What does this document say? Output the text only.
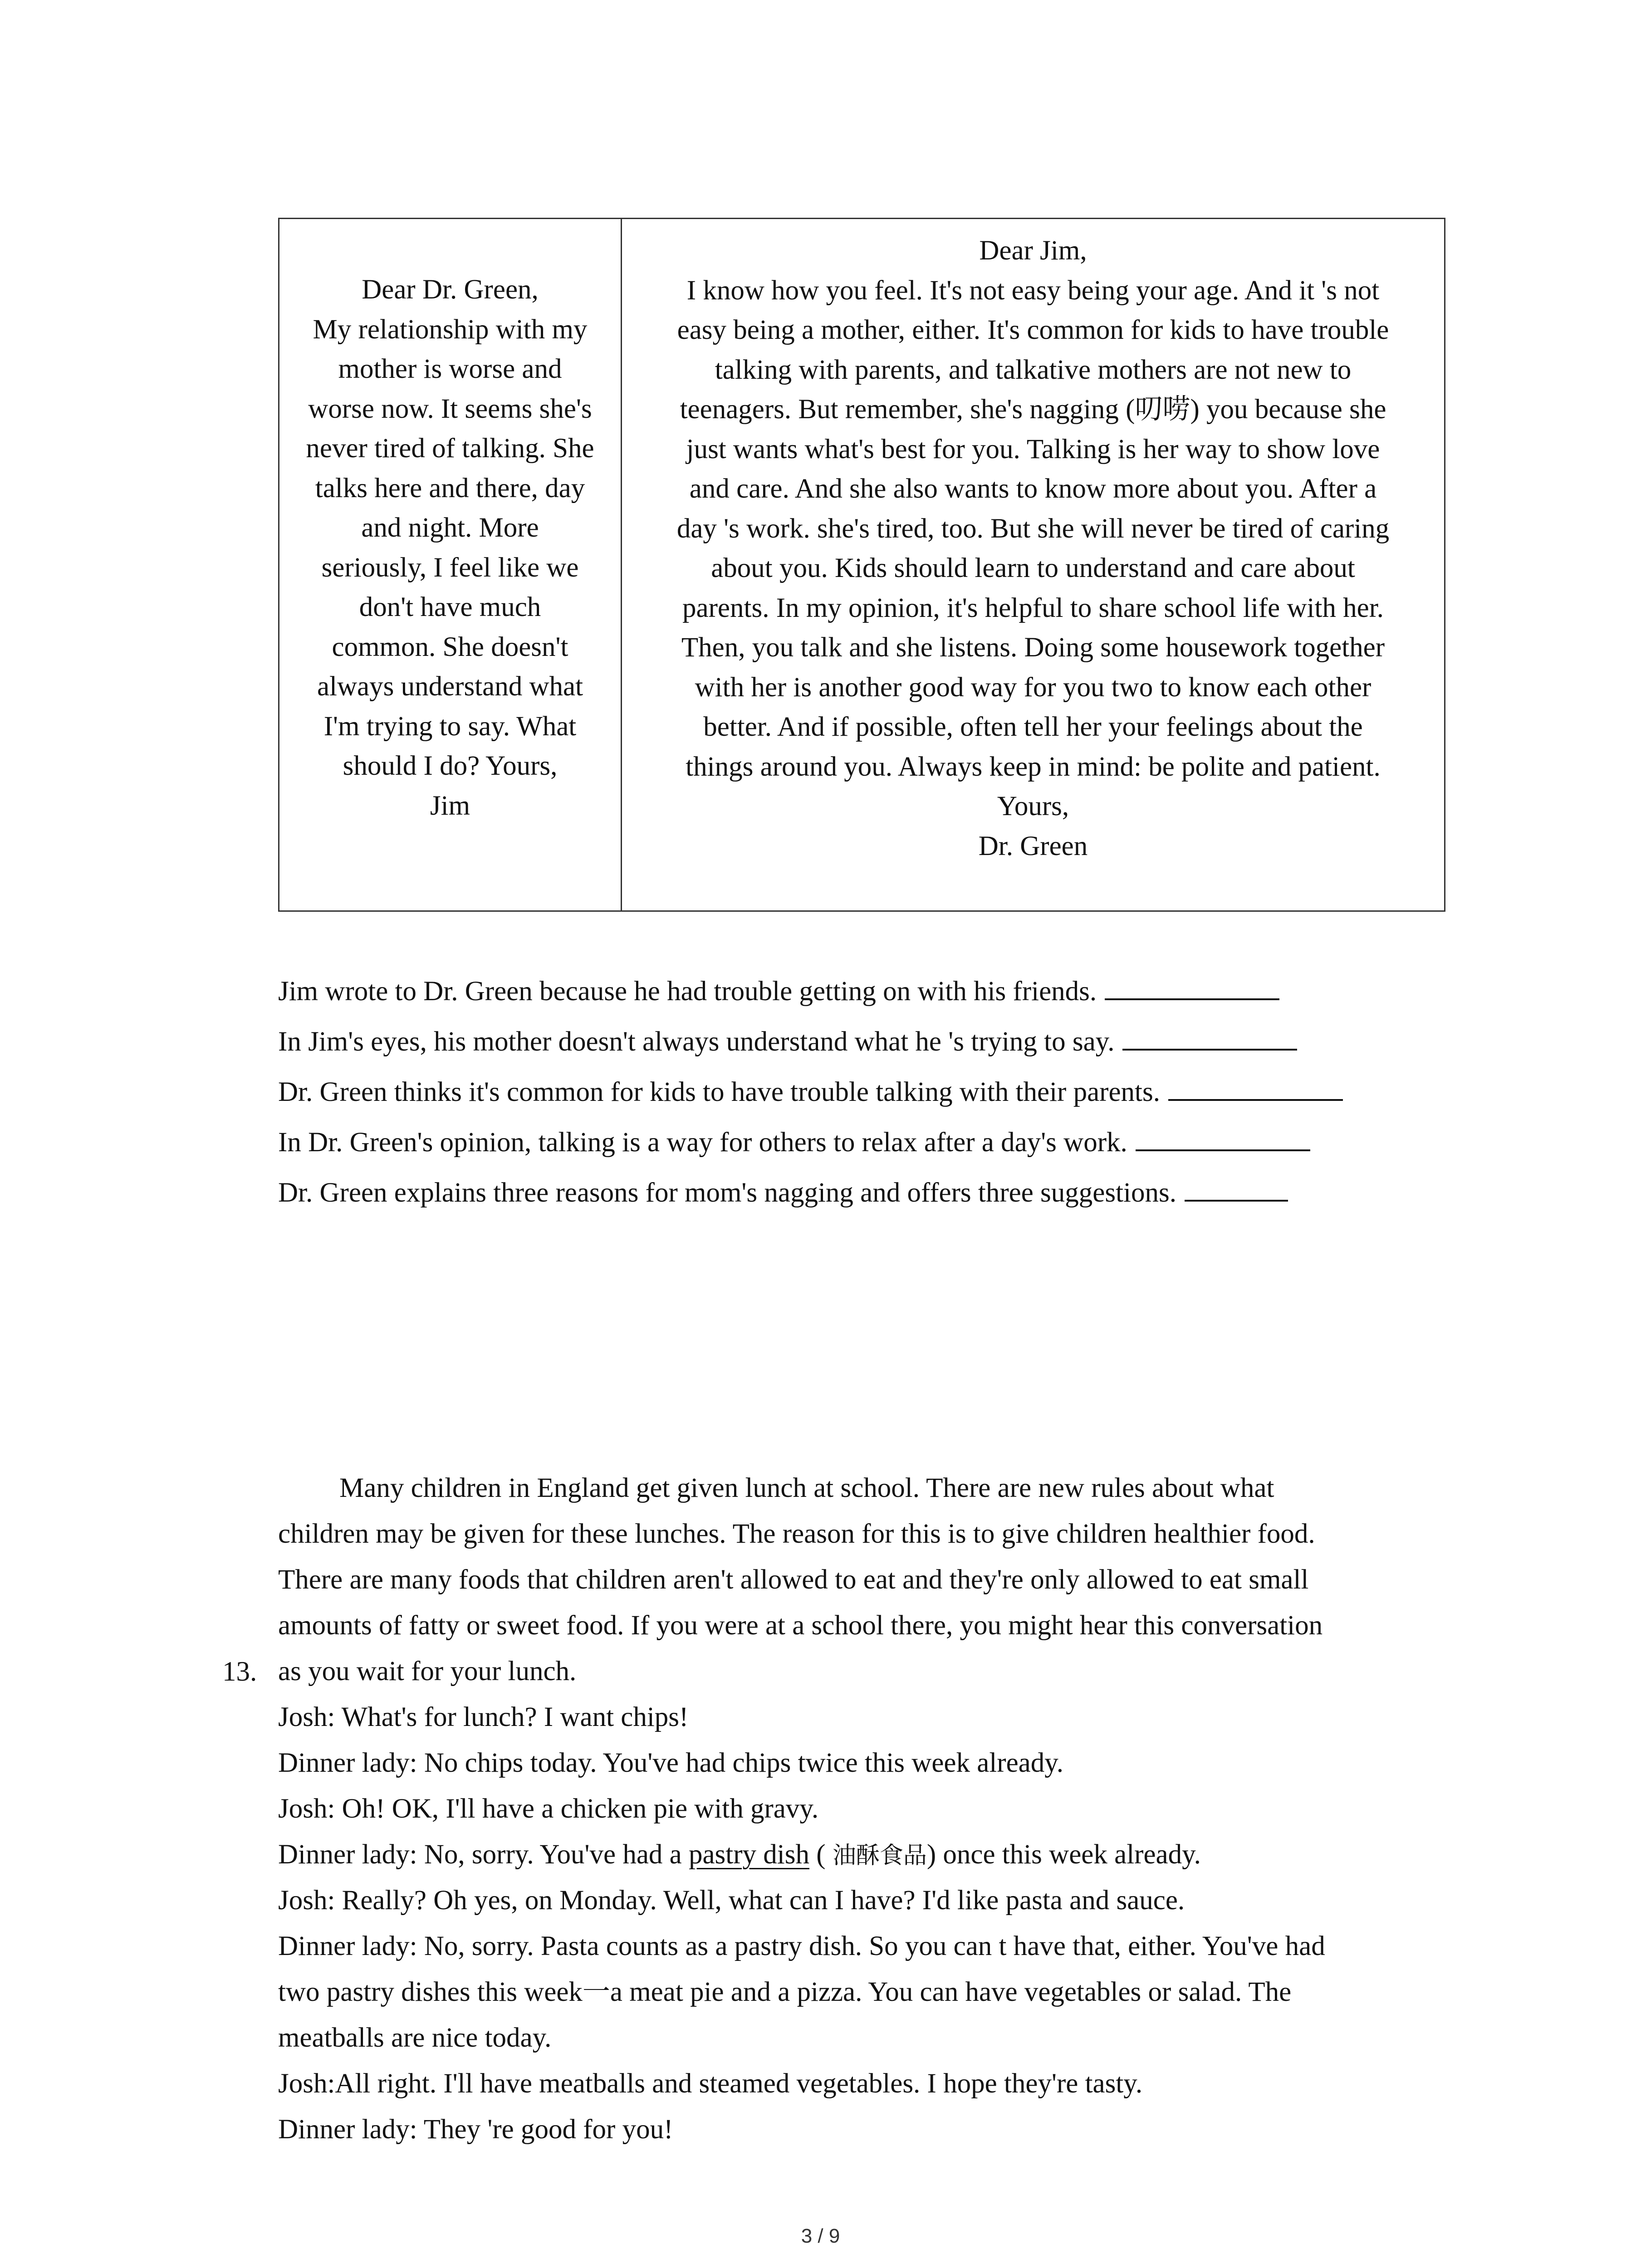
Dear Dr. Green,
My relationship with my
mother is worse and
worse now. It seems she's
never tired of talking. She
talks here and there, day
and night. More
seriously, I feel like we
don't have much
common. She doesn't
always understand what
I'm trying to say. What
should I do? Yours,
Jim
Dear Jim,
I know how you feel. It's not easy being your age. And it 's not
easy being a mother, either. It's common for kids to have trouble
talking with parents, and talkative mothers are not new to
teenagers. But remember, she's nagging (叨唠) you because she
just wants what's best for you. Talking is her way to show love
and care. And she also wants to know more about you. After a
day 's work. she's tired, too. But she will never be tired of caring
about you. Kids should learn to understand and care about
parents. In my opinion, it's helpful to share school life with her.
Then, you talk and she listens. Doing some housework together
with her is another good way for you two to know each other
better. And if possible, often tell her your feelings about the
things around you. Always keep in mind: be polite and patient.
Yours,
Dr. Green
Jim wrote to Dr. Green because he had trouble getting on with his friends.
In Jim's eyes, his mother doesn't always understand what he 's trying to say.
Dr. Green thinks it's common for kids to have trouble talking with their parents.
In Dr. Green's opinion, talking is a way for others to relax after a day's work.
Dr. Green explains three reasons for mom's nagging and offers three suggestions.
13.
Many children in England get given lunch at school. There are new rules about what
children may be given for these lunches. The reason for this is to give children healthier food.
There are many foods that children aren't allowed to eat and they're only allowed to eat small
amounts of fatty or sweet food. If you were at a school there, you might hear this conversation
as you wait for your lunch.
Josh: What's for lunch? I want chips!
Dinner lady: No chips today. You've had chips twice this week already.
Josh: Oh! OK, I'll have a chicken pie with gravy.
Dinner lady: No, sorry. You've had a pastry dish ( 油酥食品) once this week already.
Josh: Really? Oh yes, on Monday. Well, what can I have? I'd like pasta and sauce.
Dinner lady: No, sorry. Pasta counts as a pastry dish. So you can t have that, either. You've had
two pastry dishes this week一a meat pie and a pizza. You can have vegetables or salad. The
meatballs are nice today.
Josh:All right. I'll have meatballs and steamed vegetables. I hope they're tasty.
Dinner lady: They 're good for you!
3 / 9
